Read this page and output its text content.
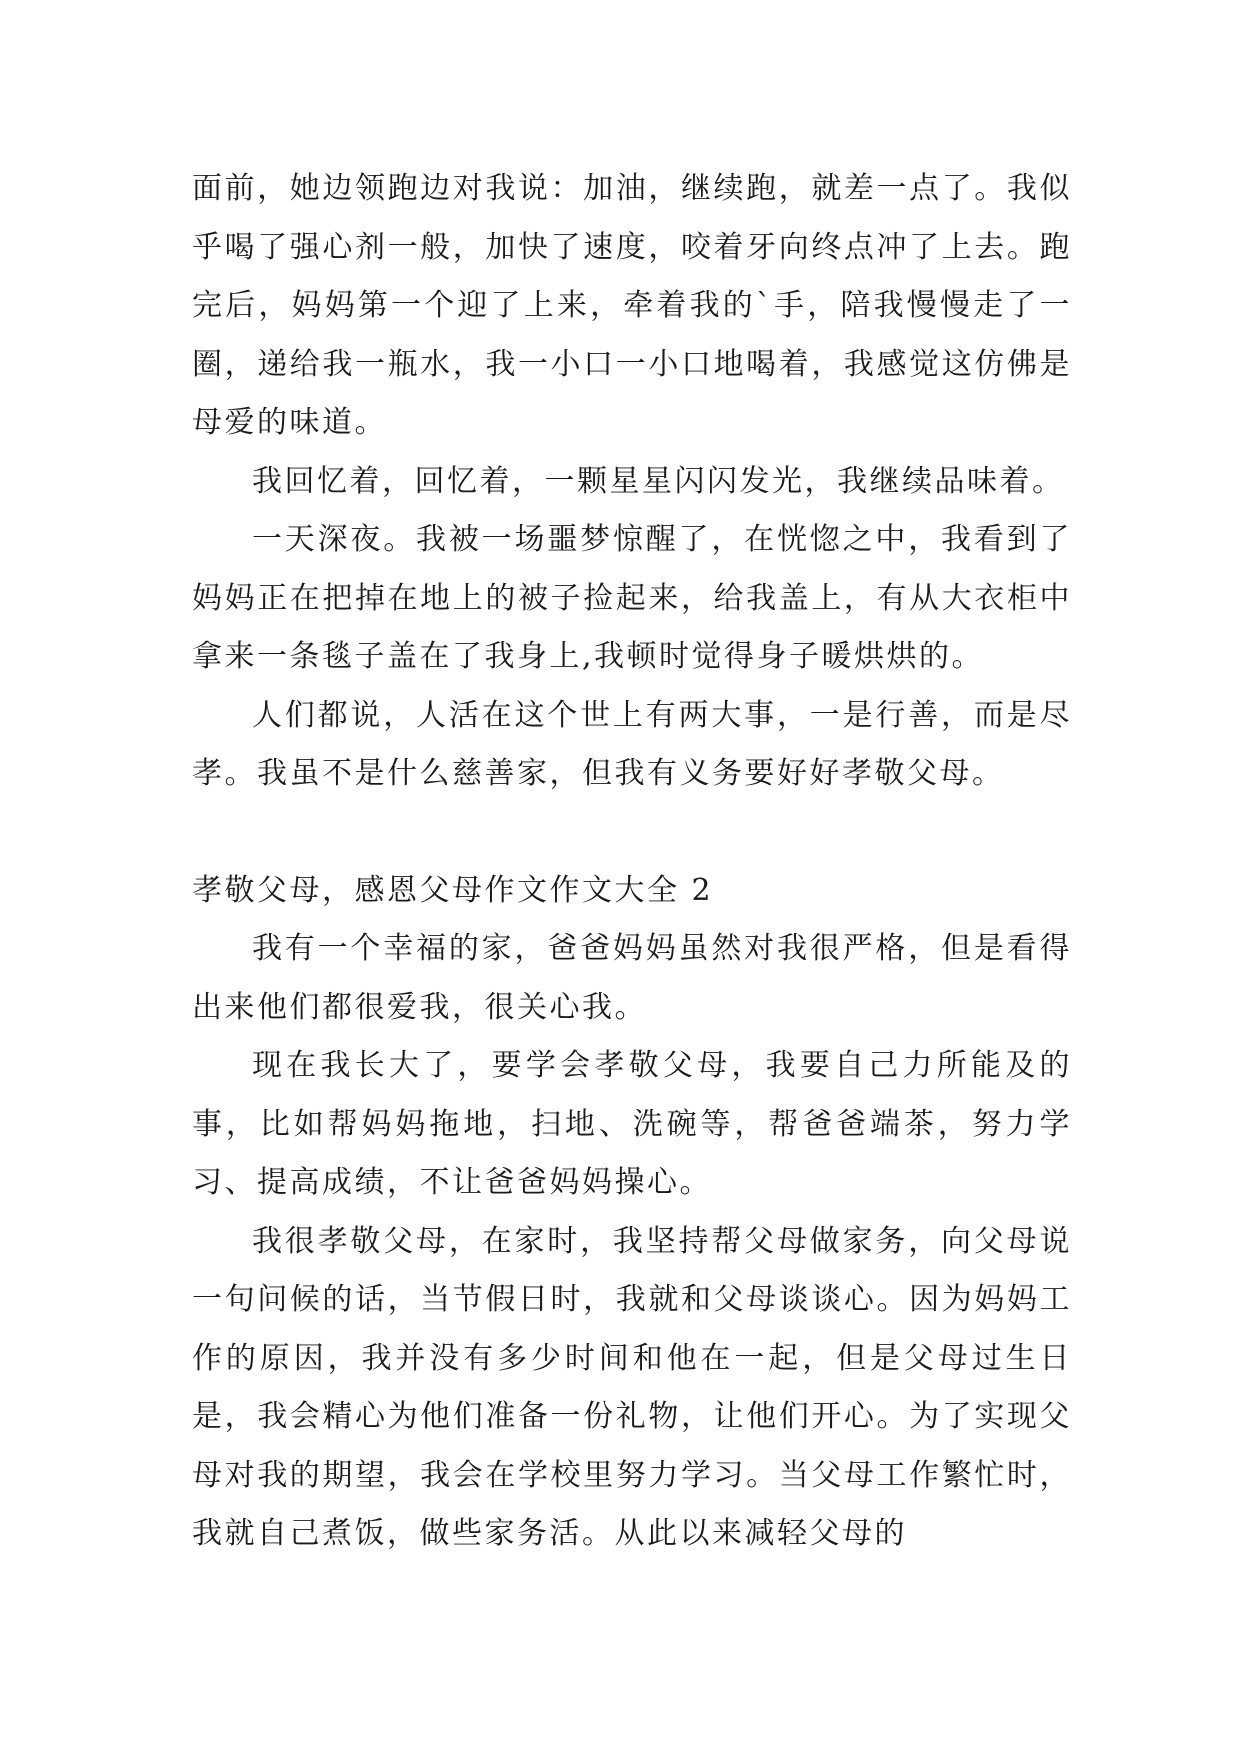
面前，她边领跑边对我说：加油，继续跑，就差一点了。我似乎喝了强心剂一般，加快了速度，咬着牙向终点冲了上去。跑完后，妈妈第一个迎了上来，牵着我的`手，陪我慢慢走了一圈，递给我一瓶水，我一小口一小口地喝着，我感觉这仿佛是母爱的味道。

我回忆着，回忆着，一颗星星闪闪发光，我继续品味着。

一天深夜。我被一场噩梦惊醒了，在恍惚之中，我看到了妈妈正在把掉在地上的被子捡起来，给我盖上，有从大衣柜中拿来一条毯子盖在了我身上,我顿时觉得身子暖烘烘的。

人们都说，人活在这个世上有两大事，一是行善，而是尽孝。我虽不是什么慈善家，但我有义务要好好孝敬父母。

孝敬父母，感恩父母作文作文大全 2

我有一个幸福的家，爸爸妈妈虽然对我很严格，但是看得出来他们都很爱我，很关心我。

现在我长大了，要学会孝敬父母，我要自己力所能及的事，比如帮妈妈拖地，扫地、洗碗等，帮爸爸端茶，努力学习、提高成绩，不让爸爸妈妈操心。

我很孝敬父母，在家时，我坚持帮父母做家务，向父母说一句问候的话，当节假日时，我就和父母谈谈心。因为妈妈工作的原因，我并没有多少时间和他在一起，但是父母过生日是，我会精心为他们准备一份礼物，让他们开心。为了实现父母对我的期望，我会在学校里努力学习。当父母工作繁忙时，我就自己煮饭，做些家务活。从此以来减轻父母的
